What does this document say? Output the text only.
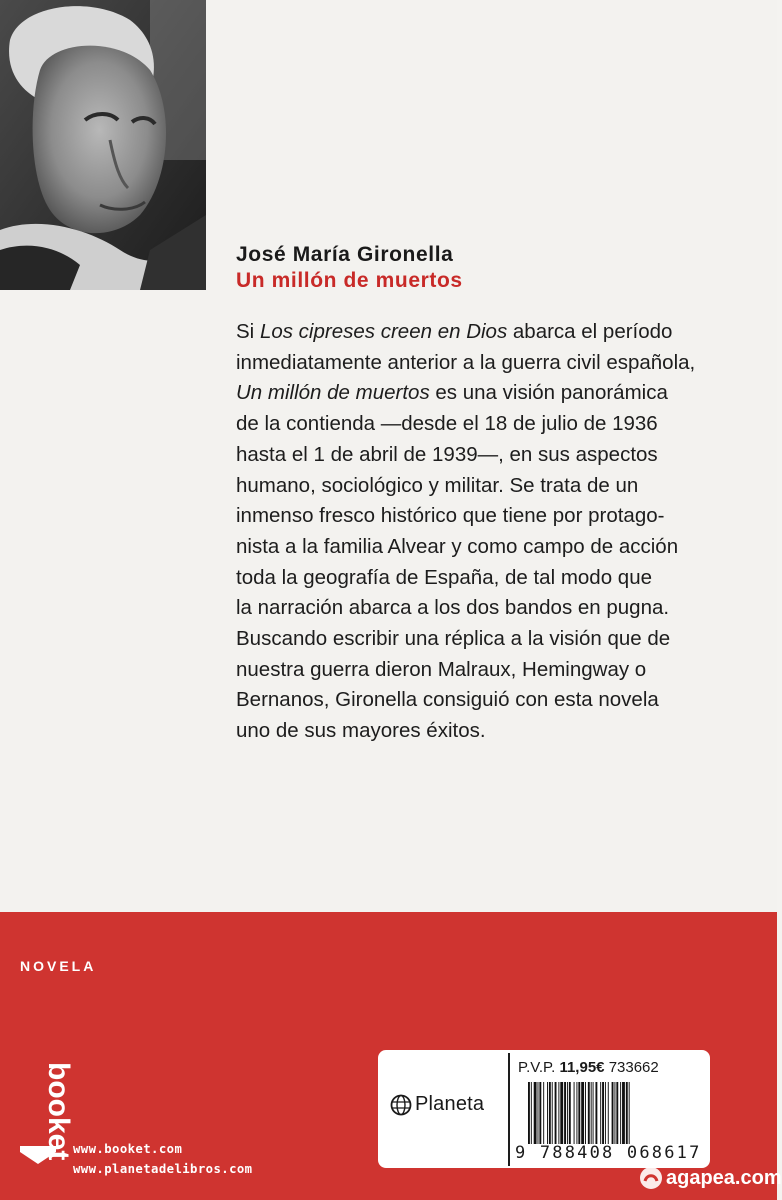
José María Gironella
Un millón de muertos

Si Los cipreses creen en Dios abarca el período

inmediatamente anterior a la guerra civil española,

Un millón de muertos es una visión panorámica

de la contienda —desde el 18 de julio de 1936

hasta el 1 de abril de 1939—, en sus aspectos

humano, sociológico y militar. Se trata de un

inmenso fresco histórico que tiene por protago-

nista a la familia Alvear y como campo de acción

toda la geografía de España, de tal modo que

la narración abarca a los dos bandos en pugna.

Buscando escribir una réplica a la visión que de

nuestra guerra dieron Malraux, Hemingway o

Bernanos, Gironella consiguió con esta novela

uno de sus mayores éxitos.

NOVELA
booket
www.booket.com
www.planetadelibros.com
Planeta
P.V.P. 11,95€ 733662
9 788408 068617
agapea.com
